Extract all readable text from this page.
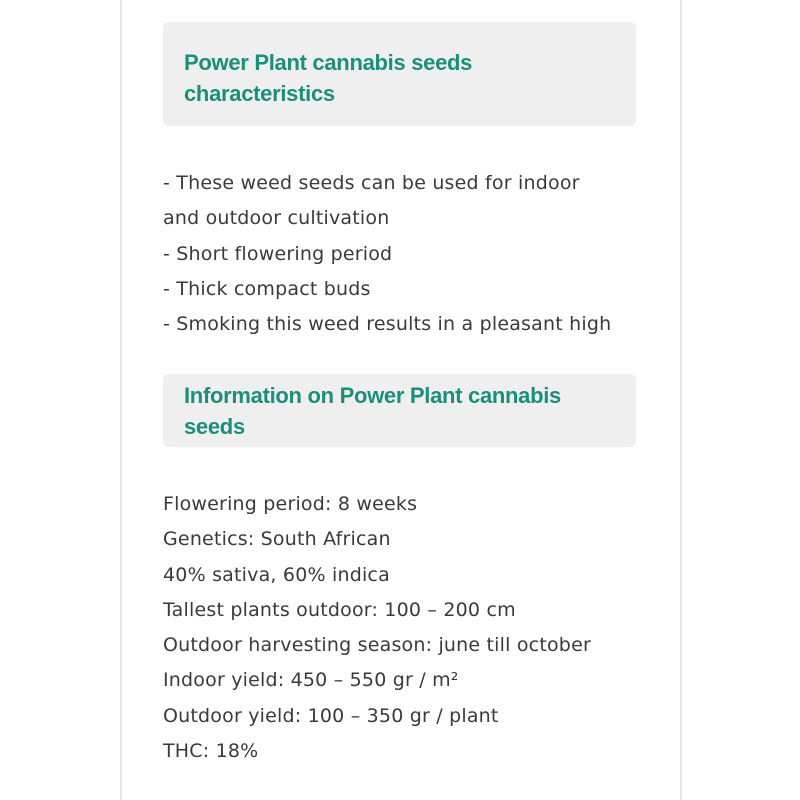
Power Plant cannabis seeds
characteristics

- These weed seeds can be used for indoor

and outdoor cultivation

- Short flowering period

- Thick compact buds

- Smoking this weed results in a pleasant high

Information on Power Plant cannabis seeds

Flowering period: 8 weeks

Genetics: South African

40% sativa, 60% indica

Tallest plants outdoor: 100 – 200 cm

Outdoor harvesting season: june till october

Indoor yield: 450 – 550 gr / m²

Outdoor yield: 100 – 350 gr / plant

THC: 18%
